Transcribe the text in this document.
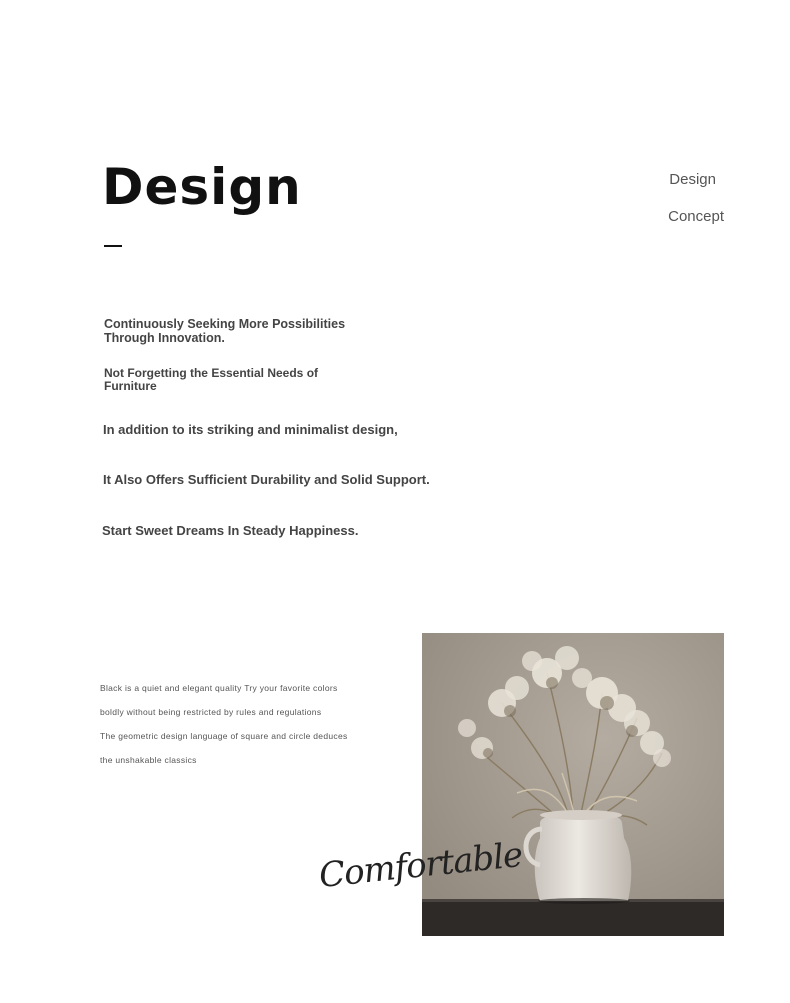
Design	Design
Concept
Continuously Seeking More Possibilities Through Innovation.
Not Forgetting the Essential Needs of Furniture
In addition to its striking and minimalist design,
It Also Offers Sufficient Durability and Solid Support.
Start Sweet Dreams In Steady Happiness.
Black is a quiet and elegant quality Try your favorite colors
boldly without being restricted by rules and regulations
The geometric design language of square and circle deduces
the unshakable classics
Comfortable
